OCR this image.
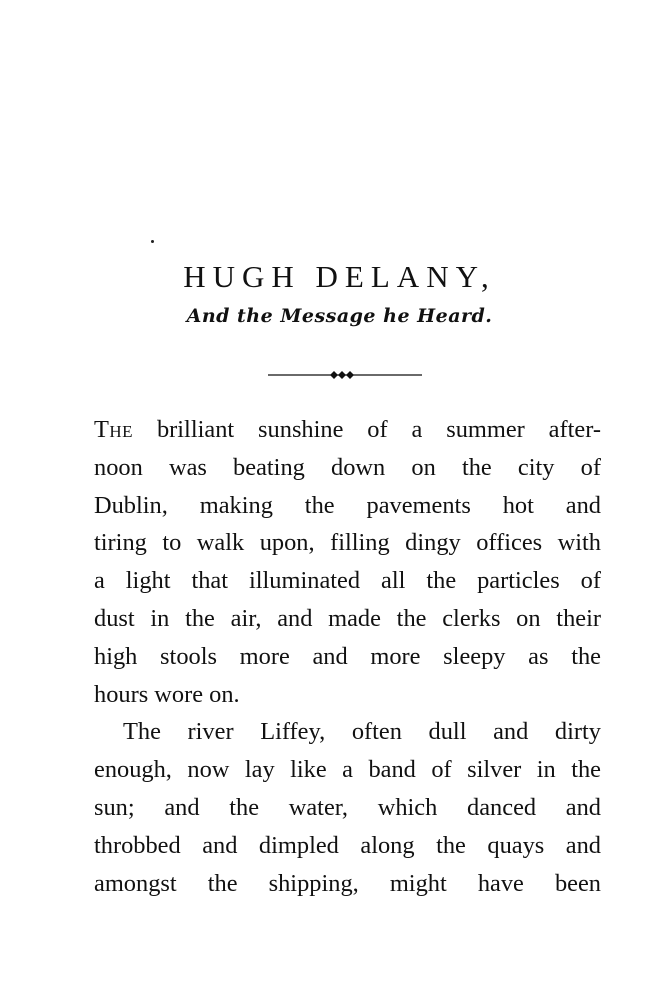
HUGH DELANY,
And the Message he Heard.

The brilliant sunshine of a summer after-
noon was beating down on the city of
Dublin, making the pavements hot and
tiring to walk upon, filling dingy offices with
a light that illuminated all the particles of
dust in the air, and made the clerks on their
high stools more and more sleepy as the
hours wore on.

The river Liffey, often dull and dirty
enough, now lay like a band of silver in the
sun; and the water, which danced and
throbbed and dimpled along the quays and
amongst the shipping, might have been
